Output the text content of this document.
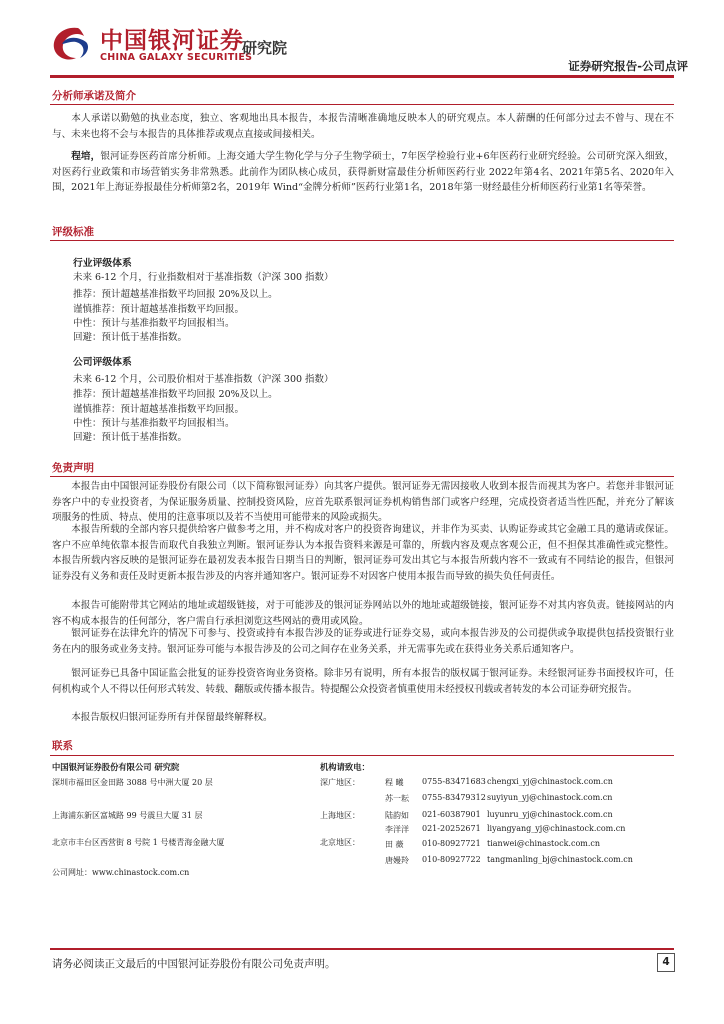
中国银河证券
CHINA GALAXY SECURITIES
研究院
证券研究报告-公司点评
分析师承诺及简介

本人承诺以勤勉的执业态度，独立、客观地出具本报告，本报告清晰准确地反映本人的研究观点。本人薪酬的任何部分过去不曾与、现在不与、未来也将不会与本报告的具体推荐或观点直接或间接相关。

程培，银河证券医药首席分析师。上海交通大学生物化学与分子生物学硕士，7年医学检验行业+6年医药行业研究经验。公司研究深入细致，对医药行业政策和市场营销实务非常熟悉。此前作为团队核心成员，获得新财富最佳分析师医药行业 2022年第4名、2021年第5名、2020年入围，2021年上海证券报最佳分析师第2名，2019年 Wind“金牌分析师”医药行业第1名，2018年第一财经最佳分析师医药行业第1名等荣誉。

评级标准
行业评级体系
未来 6-12 个月，行业指数相对于基准指数（沪深 300 指数）
推荐：预计超越基准指数平均回报 20%及以上。
谨慎推荐：预计超越基准指数平均回报。
中性：预计与基准指数平均回报相当。
回避：预计低于基准指数。
公司评级体系
未来 6-12 个月，公司股价相对于基准指数（沪深 300 指数）
推荐：预计超越基准指数平均回报 20%及以上。
谨慎推荐：预计超越基准指数平均回报。
中性：预计与基准指数平均回报相当。
回避：预计低于基准指数。
免责声明

本报告由中国银河证券股份有限公司（以下简称银河证券）向其客户提供。银河证券无需因接收人收到本报告而视其为客户。若您并非银河证券客户中的专业投资者，为保证服务质量、控制投资风险，应首先联系银河证券机构销售部门或客户经理，完成投资者适当性匹配，并充分了解该项服务的性质、特点、使用的注意事项以及若不当使用可能带来的风险或损失。

本报告所载的全部内容只提供给客户做参考之用，并不构成对客户的投资咨询建议，并非作为买卖、认购证券或其它金融工具的邀请或保证。客户不应单纯依靠本报告而取代自我独立判断。银河证券认为本报告资料来源是可靠的，所载内容及观点客观公正，但不担保其准确性或完整性。本报告所载内容反映的是银河证券在最初发表本报告日期当日的判断，银河证券可发出其它与本报告所载内容不一致或有不同结论的报告，但银河证券没有义务和责任及时更新本报告涉及的内容并通知客户。银河证券不对因客户使用本报告而导致的损失负任何责任。

本报告可能附带其它网站的地址或超级链接，对于可能涉及的银河证券网站以外的地址或超级链接，银河证券不对其内容负责。链接网站的内容不构成本报告的任何部分，客户需自行承担浏览这些网站的费用或风险。

银河证券在法律允许的情况下可参与、投资或持有本报告涉及的证券或进行证券交易，或向本报告涉及的公司提供或争取提供包括投资银行业务在内的服务或业务支持。银河证券可能与本报告涉及的公司之间存在业务关系，并无需事先或在获得业务关系后通知客户。

银河证券已具备中国证监会批复的证券投资咨询业务资格。除非另有说明，所有本报告的版权属于银河证券。未经银河证券书面授权许可，任何机构或个人不得以任何形式转发、转载、翻版或传播本报告。特提醒公众投资者慎重使用未经授权刊载或者转发的本公司证券研究报告。

本报告版权归银河证券所有并保留最终解释权。

联系
中国银河证券股份有限公司 研究院
深圳市福田区金田路 3088 号中洲大厦 20 层
上海浦东新区富城路 99 号震旦大厦 31 层
北京市丰台区西营街 8 号院 1 号楼青海金融大厦
公司网址：www.chinastock.com.cn
机构请致电：
深广地区：
上海地区：
北京地区：
程 曦 0755-83471683 chengxi_yj@chinastock.com.cn
苏一耘 0755-83479312 suyiyun_yj@chinastock.com.cn
陆韵如 021-60387901 luyunru_yj@chinastock.com.cn
李洋洋 021-20252671 liyangyang_yj@chinastock.com.cn
田 薇 010-80927721 tianwei@chinastock.com.cn
唐嫚羚 010-80927722 tangmanling_bj@chinastock.com.cn
请务必阅读正文最后的中国银河证券股份有限公司免责声明。	4
